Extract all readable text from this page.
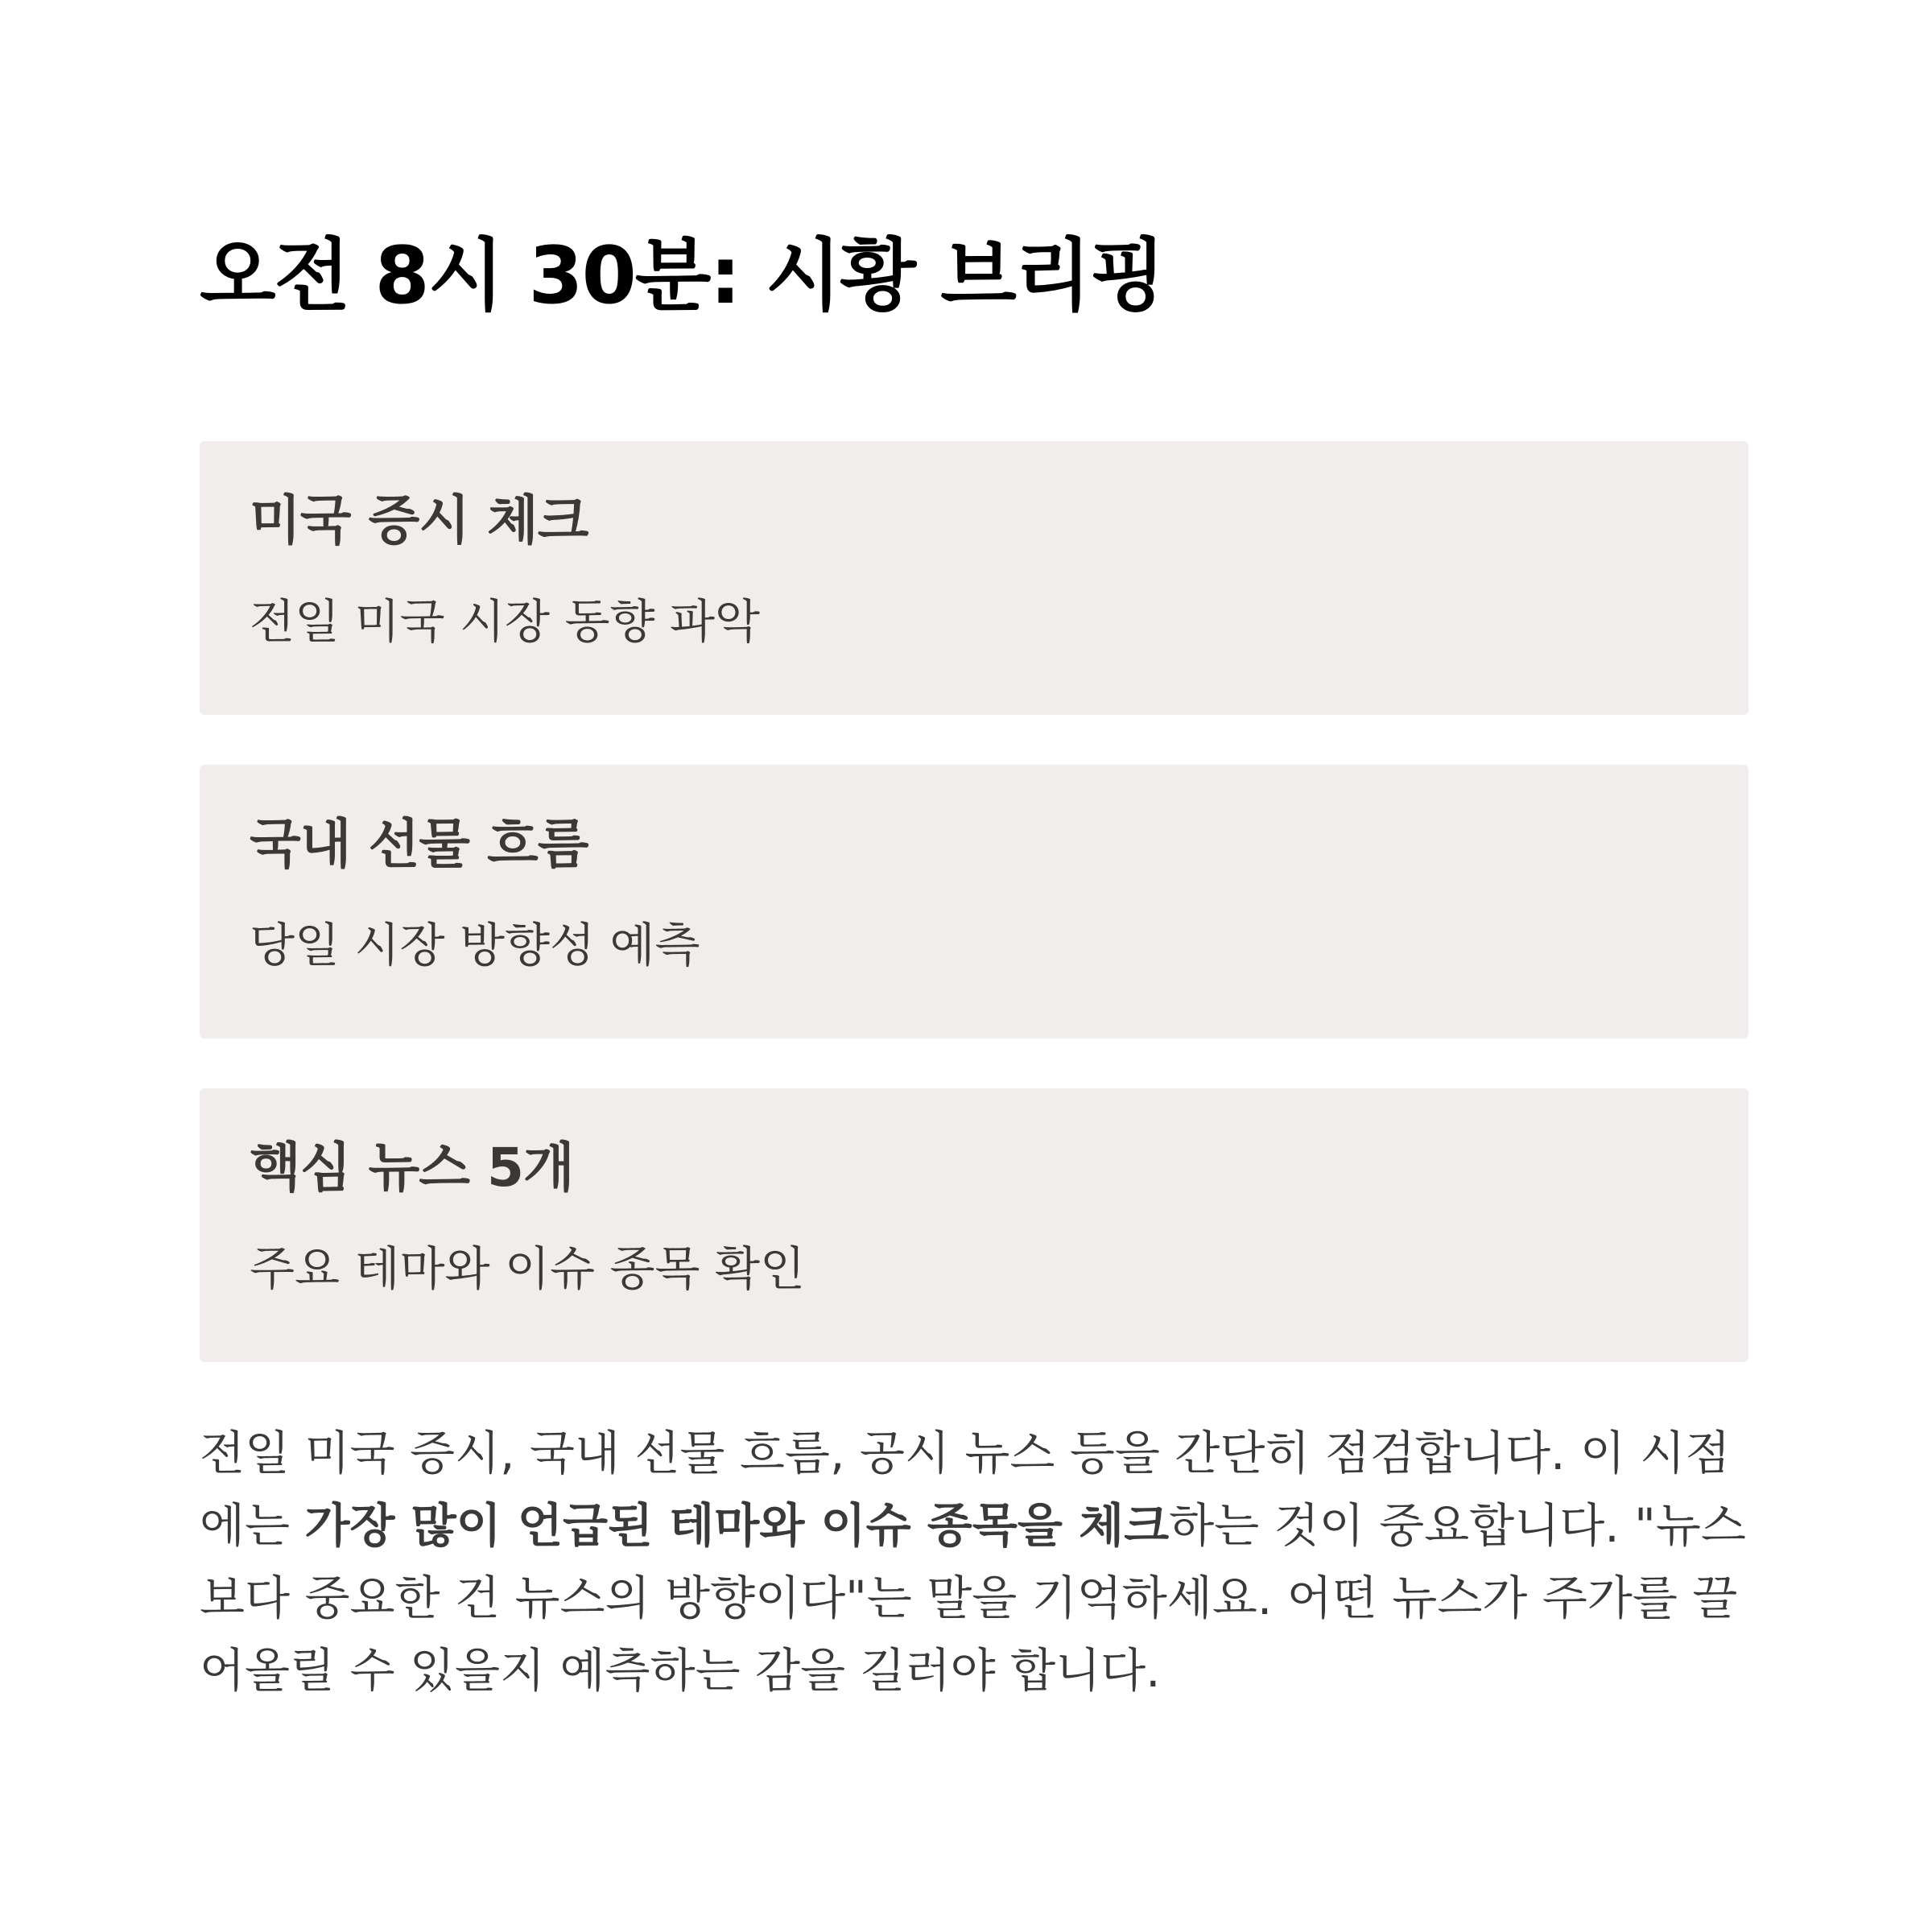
오전 8시 30분: 시황 브리핑
미국 증시 체크

전일 미국 시장 동향 파악

국내 선물 흐름

당일 시장 방향성 예측

핵심 뉴스 5개

주요 테마와 이슈 종목 확인

전일 미국 증시, 국내 선물 흐름, 공시 뉴스 등을 간단히 점검합니다. 이 시점에는 가장 많이 언급된 테마와 이슈 종목을 체크하는 것이 중요합니다. "뉴스보다 중요한 건 뉴스의 방향이다"는 말을 기억하세요. 어떤 뉴스가 주가를 끌어올릴 수 있을지 예측하는 감을 길러야 합니다.
